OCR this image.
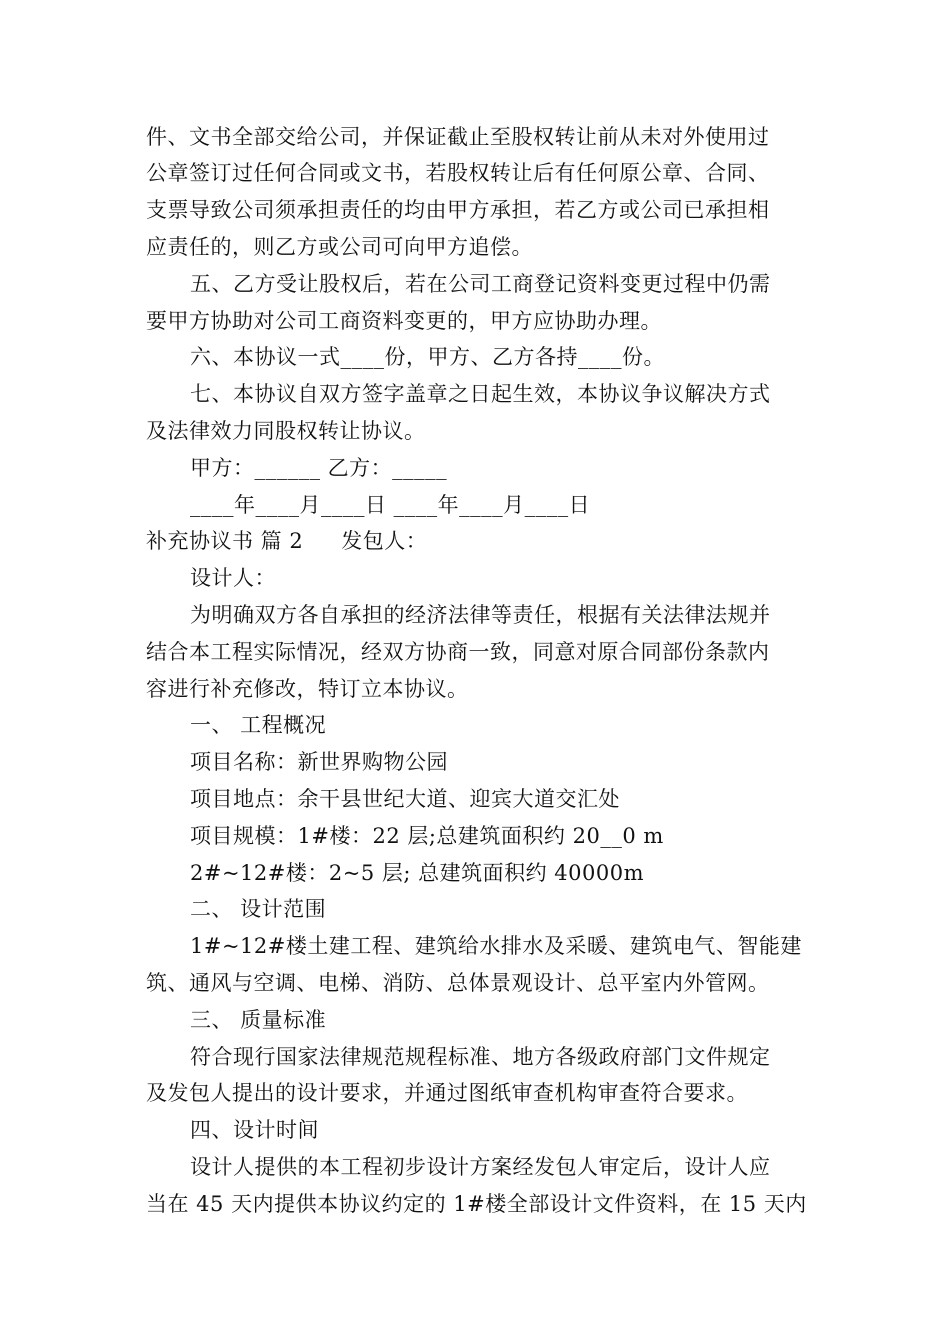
件、文书全部交给公司，并保证截止至股权转让前从未对外使用过
公章签订过任何合同或文书，若股权转让后有任何原公章、合同、
支票导致公司须承担责任的均由甲方承担，若乙方或公司已承担相
应责任的，则乙方或公司可向甲方追偿。
五、乙方受让股权后，若在公司工商登记资料变更过程中仍需
要甲方协助对公司工商资料变更的，甲方应协助办理。
六、本协议一式____份，甲方、乙方各持____份。
七、本协议自双方签字盖章之日起生效，本协议争议解决方式
及法律效力同股权转让协议。
甲方：______ 乙方：_____
____年____月____日 ____年____月____日
补充协议书 篇 2 发包人：
设计人：
为明确双方各自承担的经济法律等责任，根据有关法律法规并
结合本工程实际情况，经双方协商一致，同意对原合同部份条款内
容进行补充修改，特订立本协议。
一、 工程概况
项目名称：新世界购物公园
项目地点：余干县世纪大道、迎宾大道交汇处
项目规模：1#楼：22 层;总建筑面积约 20__0 m
2#~12#楼：2~5 层; 总建筑面积约 40000m
二、 设计范围
1#~12#楼土建工程、建筑给水排水及采暖、建筑电气、智能建
筑、通风与空调、电梯、消防、总体景观设计、总平室内外管网。
三、 质量标准
符合现行国家法律规范规程标准、地方各级政府部门文件规定
及发包人提出的设计要求，并通过图纸审查机构审查符合要求。
四、设计时间
设计人提供的本工程初步设计方案经发包人审定后，设计人应
当在 45 天内提供本协议约定的 1#楼全部设计文件资料，在 15 天内
